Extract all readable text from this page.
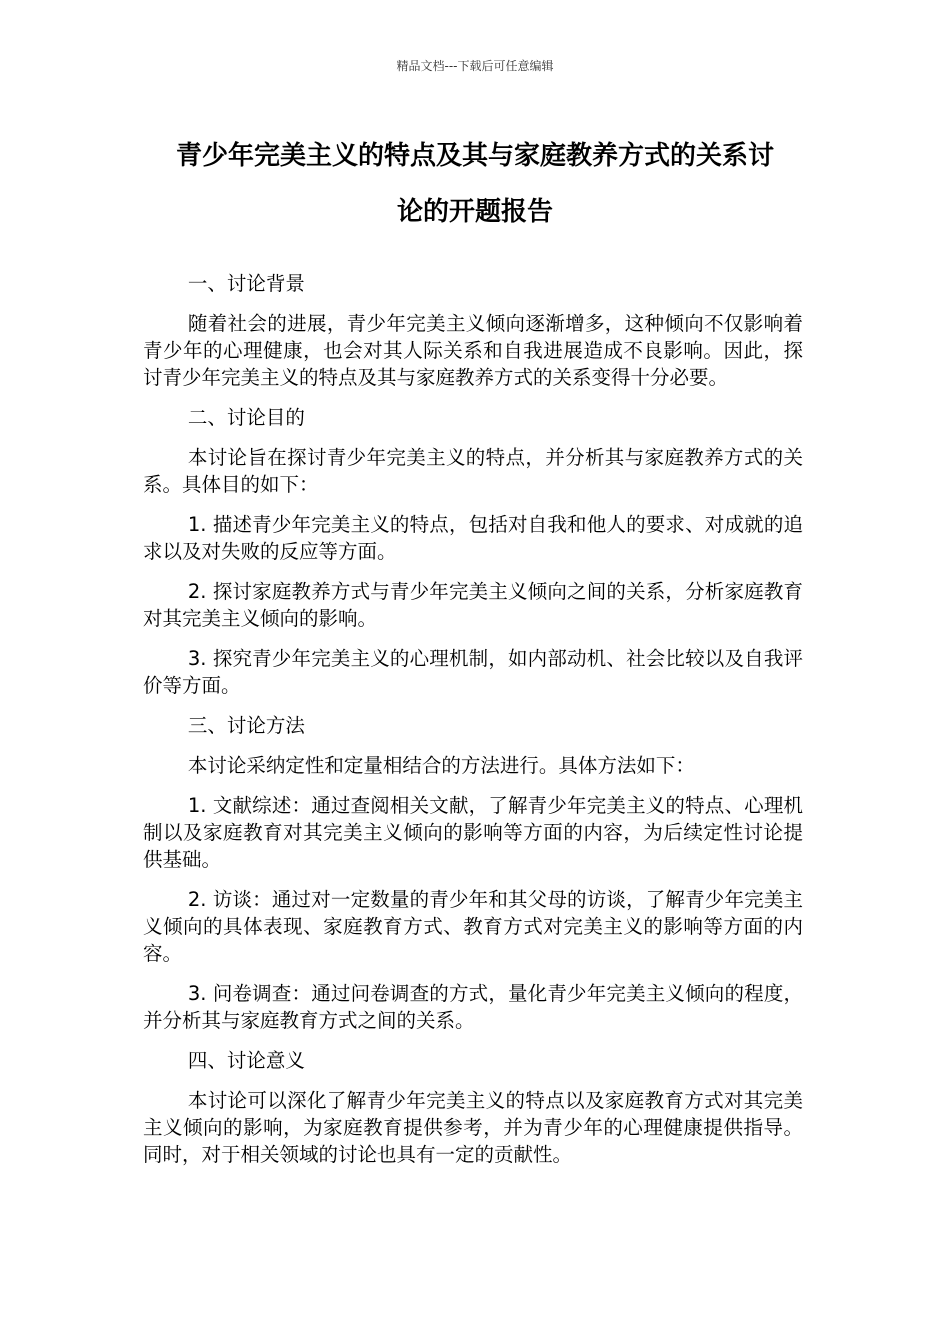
精品文档---下载后可任意编辑
青少年完美主义的特点及其与家庭教养方式的关系讨
论的开题报告

一、讨论背景

随着社会的进展，青少年完美主义倾向逐渐增多，这种倾向不仅影响着青少年的心理健康，也会对其人际关系和自我进展造成不良影响。因此，探讨青少年完美主义的特点及其与家庭教养方式的关系变得十分必要。

二、讨论目的

本讨论旨在探讨青少年完美主义的特点，并分析其与家庭教养方式的关系。具体目的如下：

1. 描述青少年完美主义的特点，包括对自我和他人的要求、对成就的追求以及对失败的反应等方面。

2. 探讨家庭教养方式与青少年完美主义倾向之间的关系，分析家庭教育对其完美主义倾向的影响。

3. 探究青少年完美主义的心理机制，如内部动机、社会比较以及自我评价等方面。

三、讨论方法

本讨论采纳定性和定量相结合的方法进行。具体方法如下：

1. 文献综述：通过查阅相关文献，了解青少年完美主义的特点、心理机制以及家庭教育对其完美主义倾向的影响等方面的内容，为后续定性讨论提供基础。

2. 访谈：通过对一定数量的青少年和其父母的访谈，了解青少年完美主义倾向的具体表现、家庭教育方式、教育方式对完美主义的影响等方面的内容。

3. 问卷调查：通过问卷调查的方式，量化青少年完美主义倾向的程度，并分析其与家庭教育方式之间的关系。

四、讨论意义

本讨论可以深化了解青少年完美主义的特点以及家庭教育方式对其完美主义倾向的影响，为家庭教育提供参考，并为青少年的心理健康提供指导。同时，对于相关领域的讨论也具有一定的贡献性。
